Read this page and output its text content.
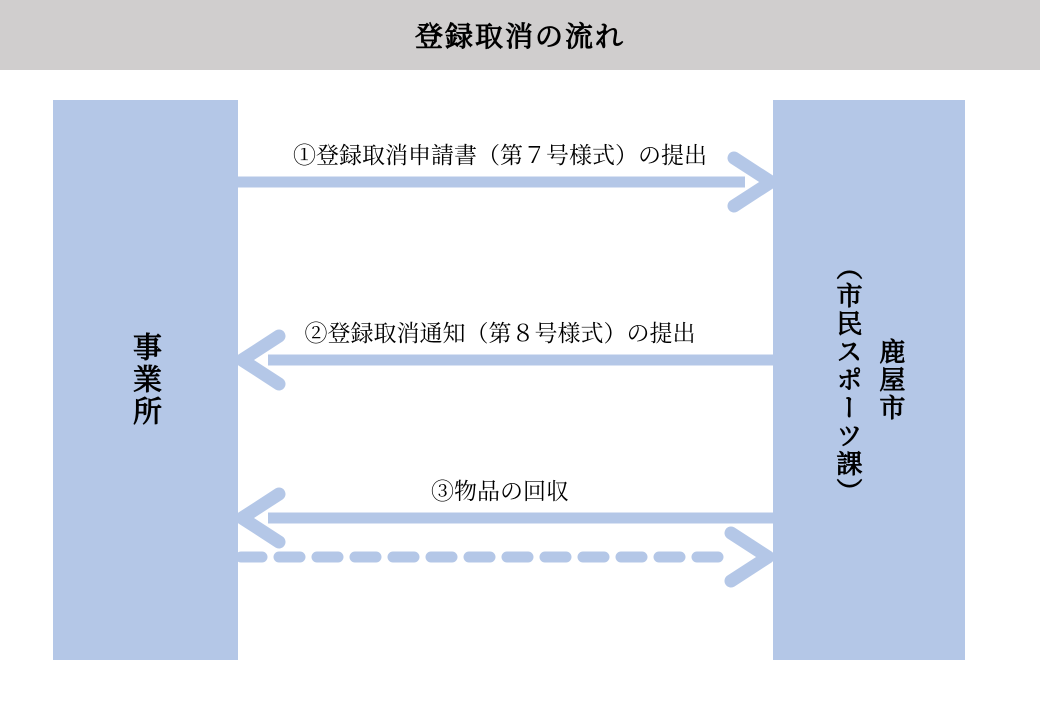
登録取消の流れ
事業所	鹿屋市
（市民スポーツ課）
①登録取消申請書（第７号様式）の提出
②登録取消通知（第８号様式）の提出
③物品の回収
